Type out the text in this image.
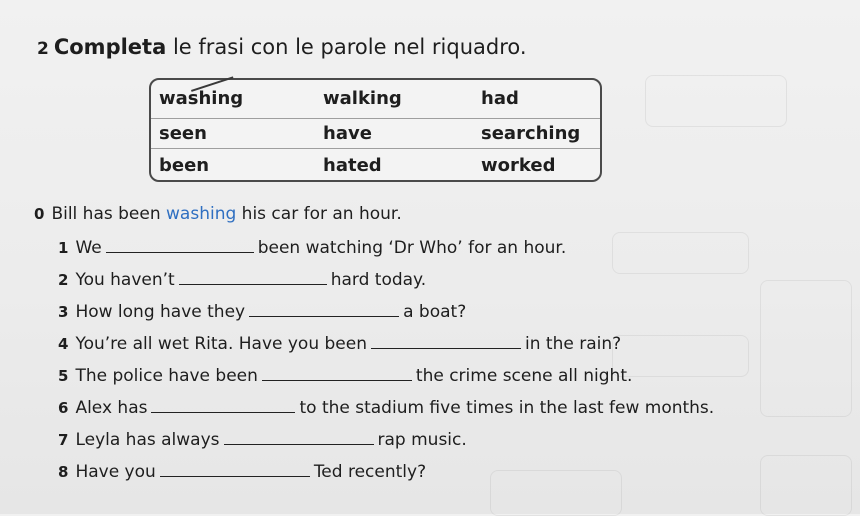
2 Completa le frasi con le parole nel riquadro.
washing	walking	had
seen	have	searching
been	hated	worked
0 Bill has been
washing
his car for an hour.
1 We	been watching ‘Dr Who’ for an hour.
2 You haven’t	hard today.
3 How long have they	a boat?
4 You’re all wet Rita. Have you been	in the rain?
5 The police have been	the crime scene all night.
6 Alex has	to the stadium five times in the last few months.
7 Leyla has always	rap music.
8 Have you	Ted recently?
